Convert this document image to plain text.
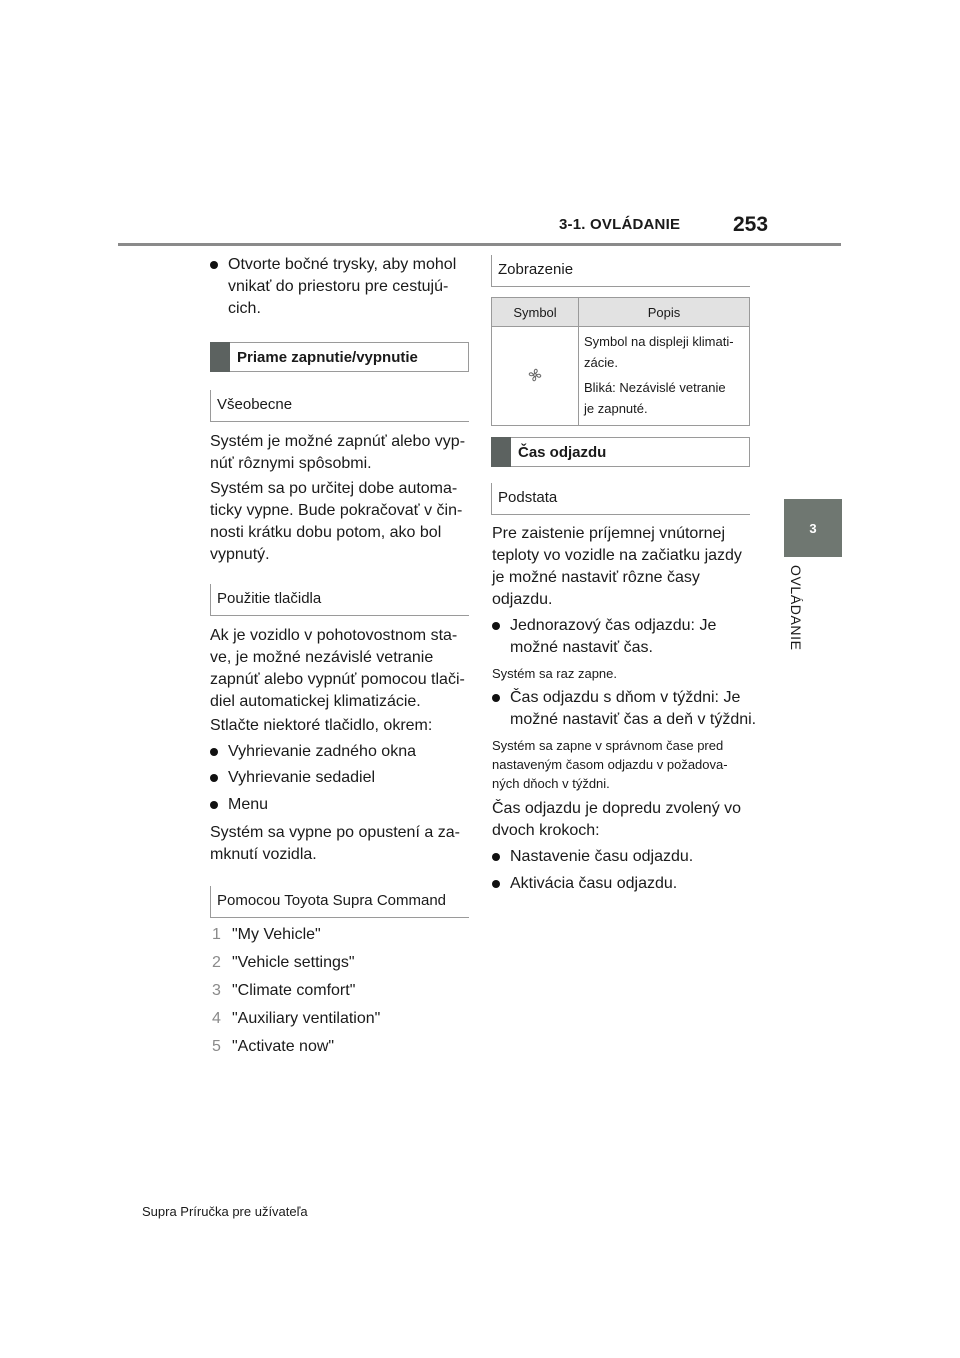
3-1. OVLÁDANIE	253
3
OVLÁDANIE
Otvorte bočné trysky, aby mohol
vnikať do priestoru pre cestujú-
cich.
Priame zapnutie/vypnutie
Všeobecne

Systém je možné zapnúť alebo vyp-

núť rôznymi spôsobmi.

Systém sa po určitej dobe automa-

ticky vypne. Bude pokračovať v čin-

nosti krátku dobu potom, ako bol

vypnutý.

Použitie tlačidla

Ak je vozidlo v pohotovostnom sta-

ve, je možné nezávislé vetranie

zapnúť alebo vypnúť pomocou tlači-

diel automatickej klimatizácie.

Stlačte niektoré tlačidlo, okrem:

Vyhrievanie zadného okna
Vyhrievanie sedadiel
Menu

Systém sa vypne po opustení a za-

mknutí vozidla.

Pomocou Toyota Supra Command
1 "My Vehicle"
2 "Vehicle settings"
3 "Climate comfort"
4 "Auxiliary ventilation"
5 "Activate now"
Zobrazenie
Symbol	Popis

Symbol na displeji klimati-
zácie.
Bliká: Nezávislé vetranie
je zapnuté.
Čas odjazdu
Podstata

Pre zaistenie príjemnej vnútornej

teploty vo vozidle na začiatku jazdy

je možné nastaviť rôzne časy

odjazdu.

Jednorazový čas odjazdu: Je
možné nastaviť čas.

Systém sa raz zapne.

Čas odjazdu s dňom v týždni: Je
možné nastaviť čas a deň v týždni.

Systém sa zapne v správnom čase pred

nastaveným časom odjazdu v požadova-

ných dňoch v týždni.

Čas odjazdu je dopredu zvolený vo

dvoch krokoch:

Nastavenie času odjazdu.
Aktivácia času odjazdu.
Supra Príručka pre užívateľa
